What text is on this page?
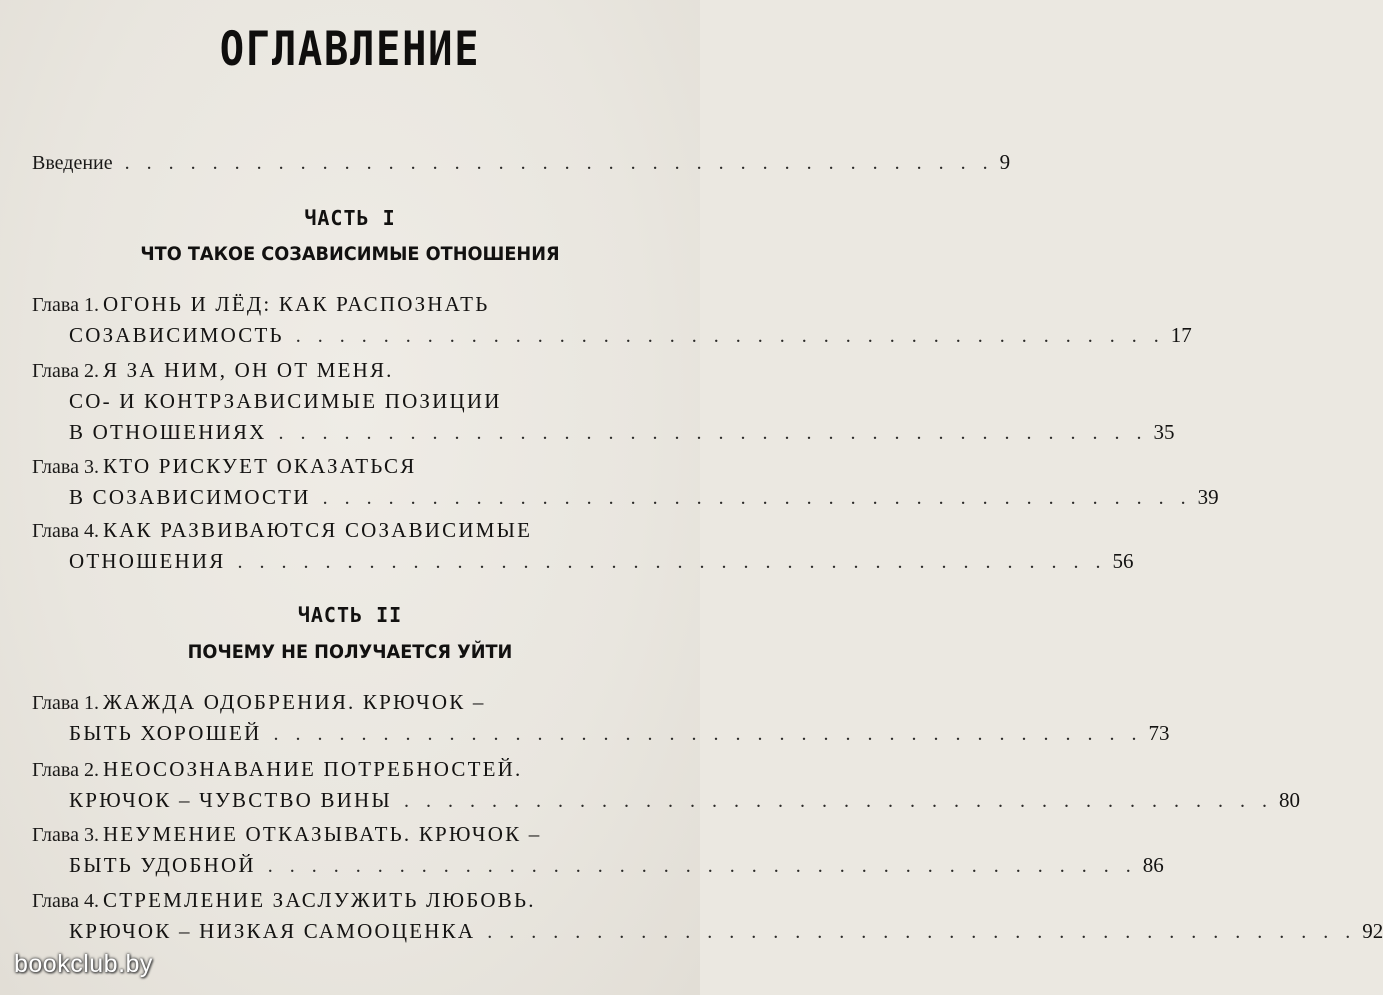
ОГЛАВЛЕНИЕ
Введение . . . . . . . . . . . . . . . . . . . . . . . . . . . . . . . . . . . . . . . . 9
ЧАСТЬ I
ЧТО ТАКОЕ СОЗАВИСИМЫЕ ОТНОШЕНИЯ
Глава 1.
ОГОНЬ И ЛЁД: КАК РАСПОЗНАТЬ
СОЗАВИСИМОСТЬ . . . . . . . . . . . . . . . . . . . . . . . . . . . . . . . . . . . . . . . . 17
Глава 2.
Я ЗА НИМ, ОН ОТ МЕНЯ.
СО- И КОНТРЗАВИСИМЫЕ ПОЗИЦИИ
В ОТНОШЕНИЯХ . . . . . . . . . . . . . . . . . . . . . . . . . . . . . . . . . . . . . . . . 35
Глава 3.
КТО РИСКУЕТ ОКАЗАТЬСЯ
В СОЗАВИСИМОСТИ . . . . . . . . . . . . . . . . . . . . . . . . . . . . . . . . . . . . . . . . 39
Глава 4.
КАК РАЗВИВАЮТСЯ СОЗАВИСИМЫЕ
ОТНОШЕНИЯ . . . . . . . . . . . . . . . . . . . . . . . . . . . . . . . . . . . . . . . . 56
ЧАСТЬ II
ПОЧЕМУ НЕ ПОЛУЧАЕТСЯ УЙТИ
Глава 1.
ЖАЖДА ОДОБРЕНИЯ. КРЮЧОК –
БЫТЬ ХОРОШЕЙ . . . . . . . . . . . . . . . . . . . . . . . . . . . . . . . . . . . . . . . . 73
Глава 2.
НЕОСОЗНАВАНИЕ ПОТРЕБНОСТЕЙ.
КРЮЧОК – ЧУВСТВО ВИНЫ . . . . . . . . . . . . . . . . . . . . . . . . . . . . . . . . . . . . . . . . 80
Глава 3.
НЕУМЕНИЕ ОТКАЗЫВАТЬ. КРЮЧОК –
БЫТЬ УДОБНОЙ . . . . . . . . . . . . . . . . . . . . . . . . . . . . . . . . . . . . . . . . 86
Глава 4.
СТРЕМЛЕНИЕ ЗАСЛУЖИТЬ ЛЮБОВЬ.
КРЮЧОК – НИЗКАЯ САМООЦЕНКА . . . . . . . . . . . . . . . . . . . . . . . . . . . . . . . . . . . . . . . . 92
bookclub.by
